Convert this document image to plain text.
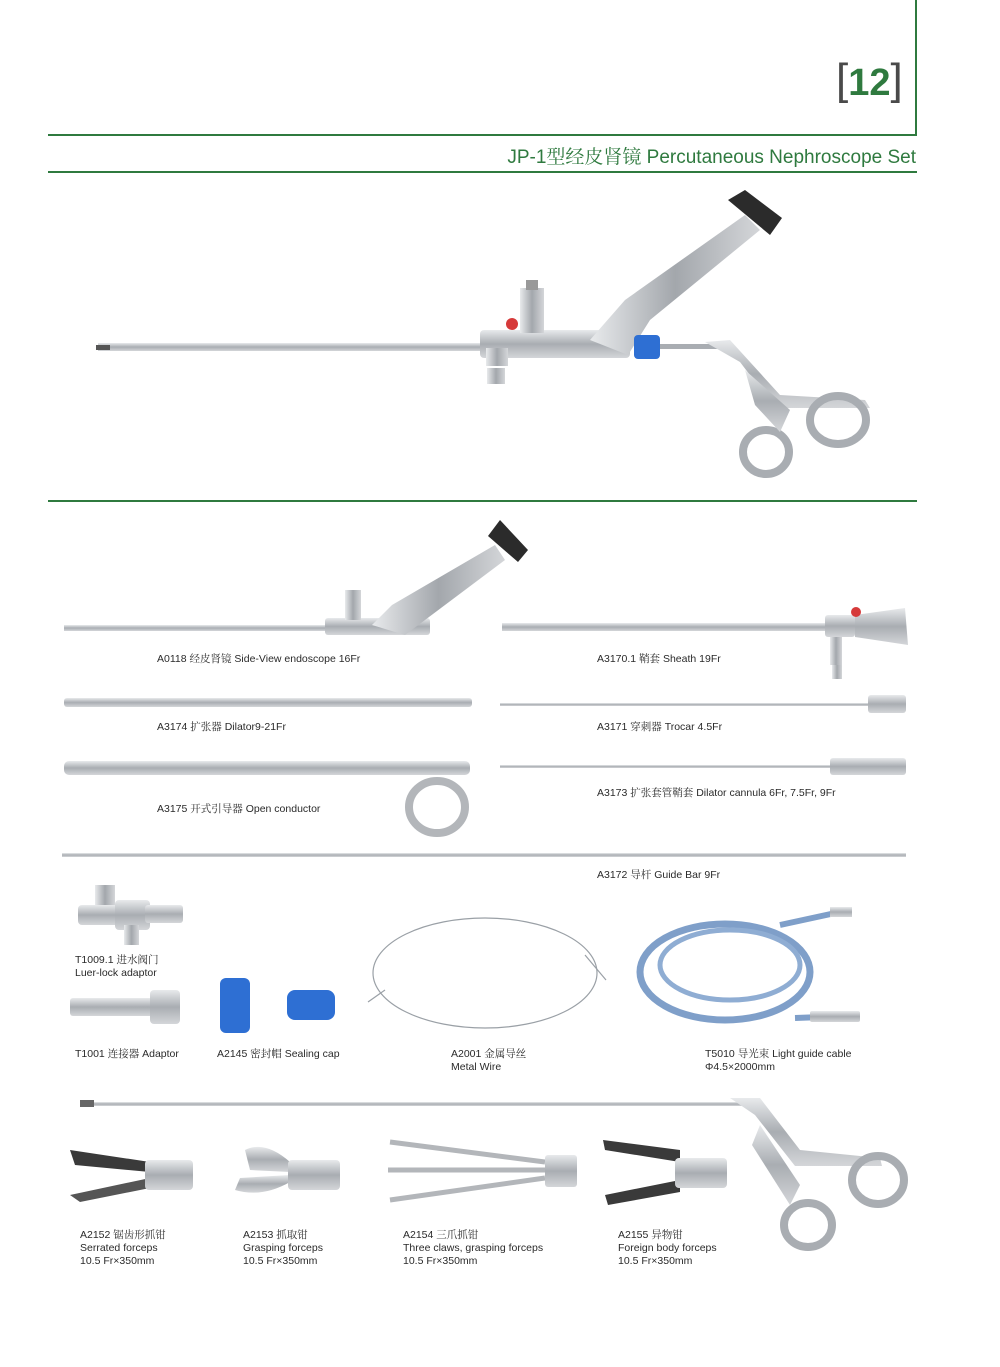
[12]
JP-1型经皮肾镜 Percutaneous Nephroscope Set
A0118 经皮肾镜 Side-View endoscope 16Fr	A3170.1 鞘套 Sheath 19Fr
A3174 扩张器 Dilator9-21Fr	A3171 穿刺器 Trocar 4.5Fr
A3175 开式引导器 Open conductor
A3173 扩张套管鞘套 Dilator cannula 6Fr, 7.5Fr, 9Fr
A3172 导杆 Guide Bar 9Fr
T1009.1 进水阀门
Luer-lock adaptor
T1001 连接器 Adaptor	A2145 密封帽 Sealing cap	A2001 金属导丝
Metal Wire
T5010 导光束 Light guide cable
Φ4.5×2000mm
A2152 锯齿形抓钳
Serrated forceps
10.5 Fr×350mm
A2153 抓取钳
Grasping forceps
10.5 Fr×350mm
A2154 三爪抓钳
Three claws, grasping forceps
10.5 Fr×350mm
A2155 异物钳
Foreign body forceps
10.5 Fr×350mm
